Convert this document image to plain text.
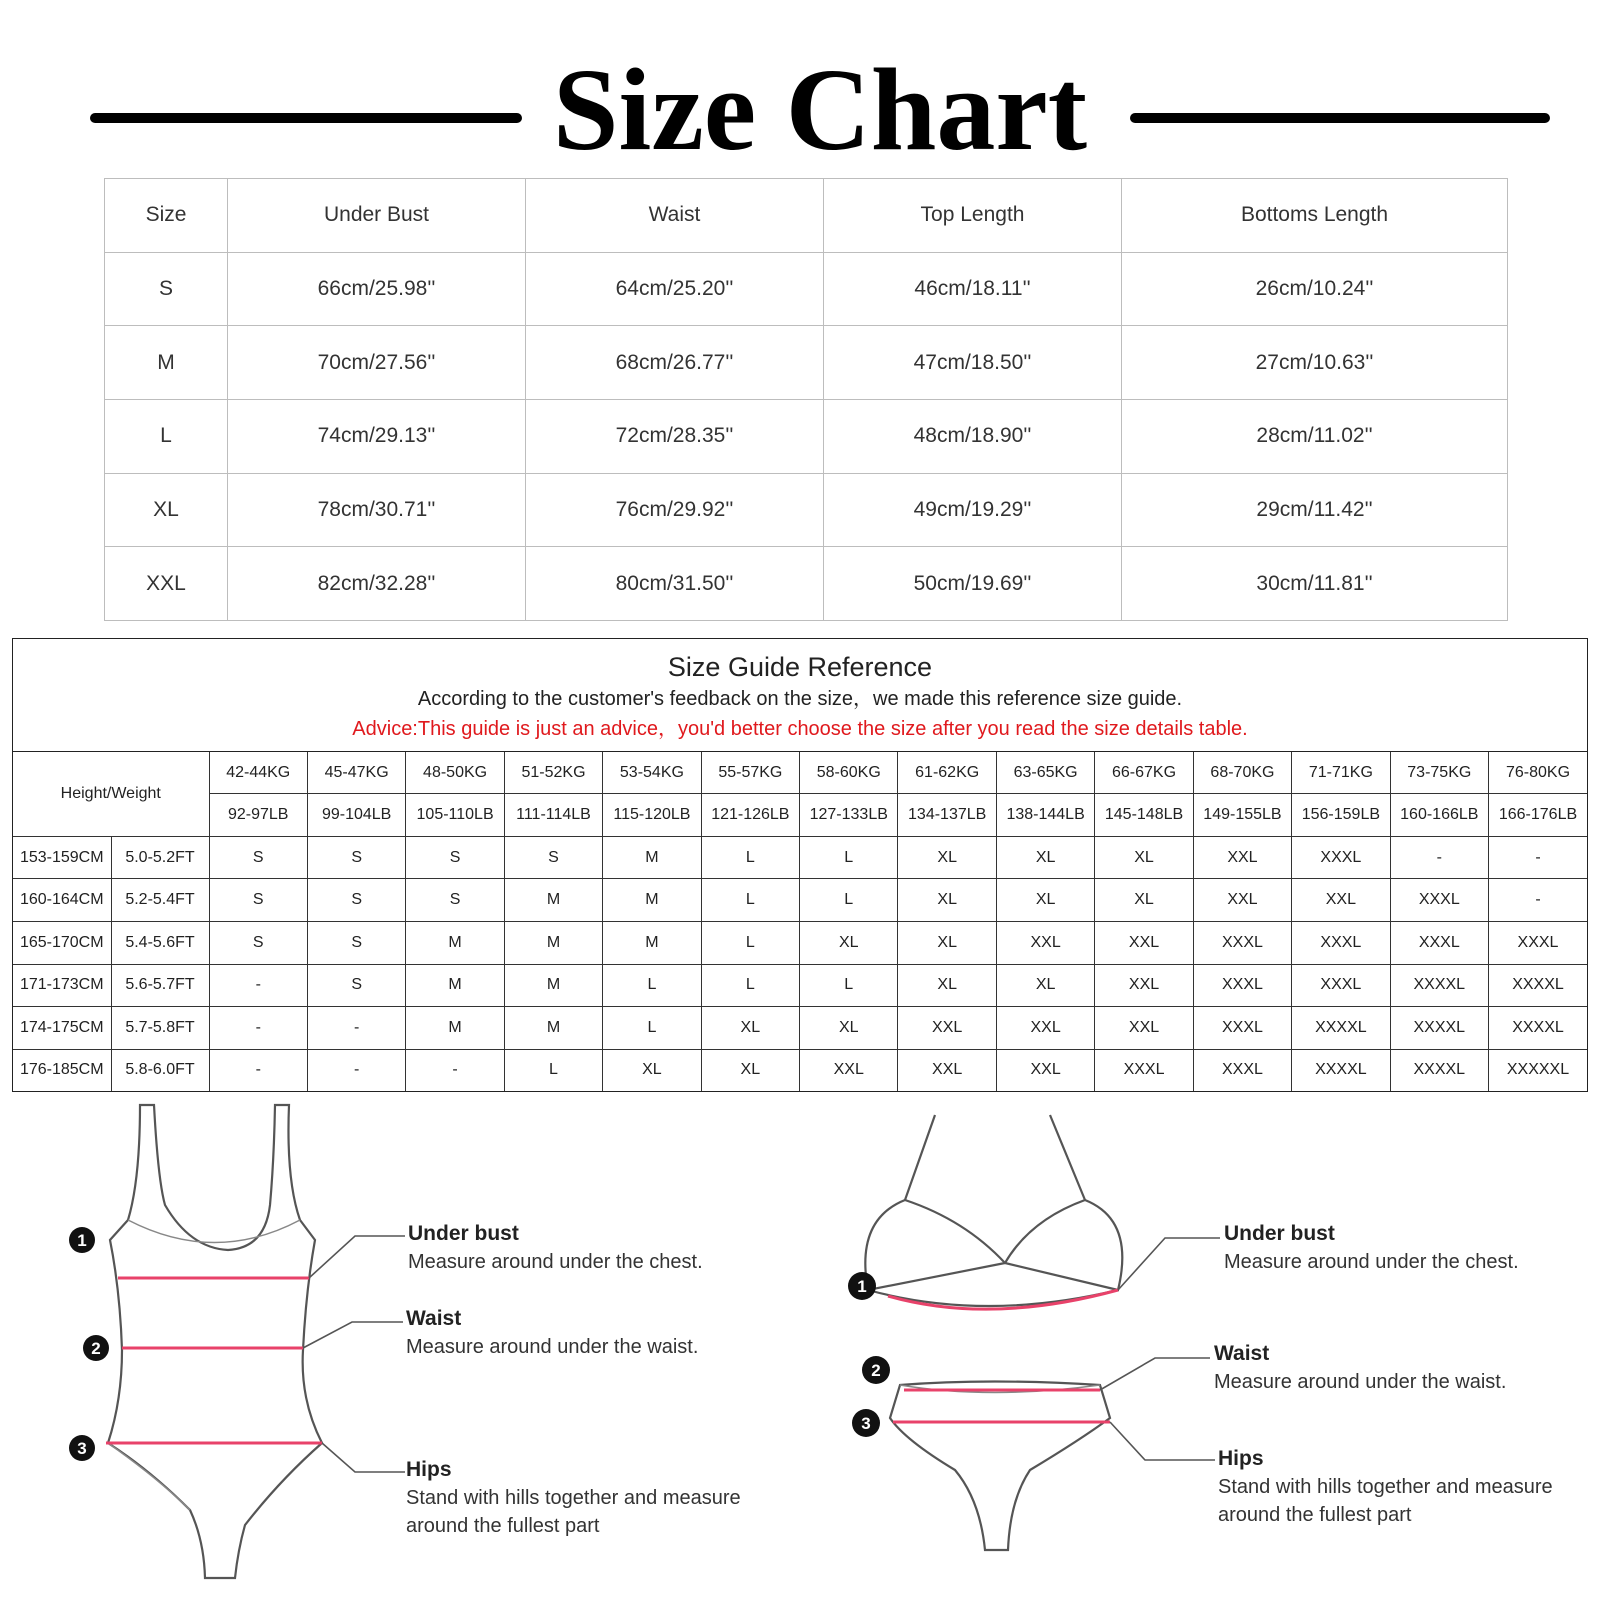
Size Chart
Size	Under Bust	Waist	Top Length	Bottoms Length
S	66cm/25.98''	64cm/25.20''	46cm/18.11''	26cm/10.24''
M	70cm/27.56''	68cm/26.77''	47cm/18.50''	27cm/10.63''
L	74cm/29.13''	72cm/28.35''	48cm/18.90''	28cm/11.02''
XL	78cm/30.71''	76cm/29.92''	49cm/19.29''	29cm/11.42''
XXL	82cm/32.28''	80cm/31.50''	50cm/19.69''	30cm/11.81''
Size Guide Reference
According to the customer's feedback on the size，we made this reference size guide.
Advice:This guide is just an advice，you'd better choose the size after you read the size details table.
Height/Weight		42-44KG	45-47KG	48-50KG	51-52KG	53-54KG	55-57KG	58-60KG	61-62KG	63-65KG	66-67KG	68-70KG	71-71KG	73-75KG	76-80KG
		92-97LB	99-104LB	105-110LB	111-114LB	115-120LB	121-126LB	127-133LB	134-137LB	138-144LB	145-148LB	149-155LB	156-159LB	160-166LB	166-176LB
153-159CM	5.0-5.2FT	S	S	S	S	M	L	L	XL	XL	XL	XXL	XXXL	-	-
160-164CM	5.2-5.4FT	S	S	S	M	M	L	L	XL	XL	XL	XXL	XXL	XXXL	-
165-170CM	5.4-5.6FT	S	S	M	M	M	L	XL	XL	XXL	XXL	XXXL	XXXL	XXXL	XXXL
171-173CM	5.6-5.7FT	-	S	M	M	L	L	L	XL	XL	XXL	XXXL	XXXL	XXXXL	XXXXL
174-175CM	5.7-5.8FT	-	-	M	M	L	XL	XL	XXL	XXL	XXL	XXXL	XXXXL	XXXXL	XXXXL
176-185CM	5.8-6.0FT	-	-	-	L	XL	XL	XXL	XXL	XXL	XXXL	XXXL	XXXXL	XXXXL	XXXXXL
1
2
3
1
2
3
Under bust
Measure around under the chest.
Waist
Measure around under the waist.
Hips
Stand with hills together and measure
around the fullest part
Under bust
Measure around under the chest.
Waist
Measure around under the waist.
Hips
Stand with hills together and measure
around the fullest part
